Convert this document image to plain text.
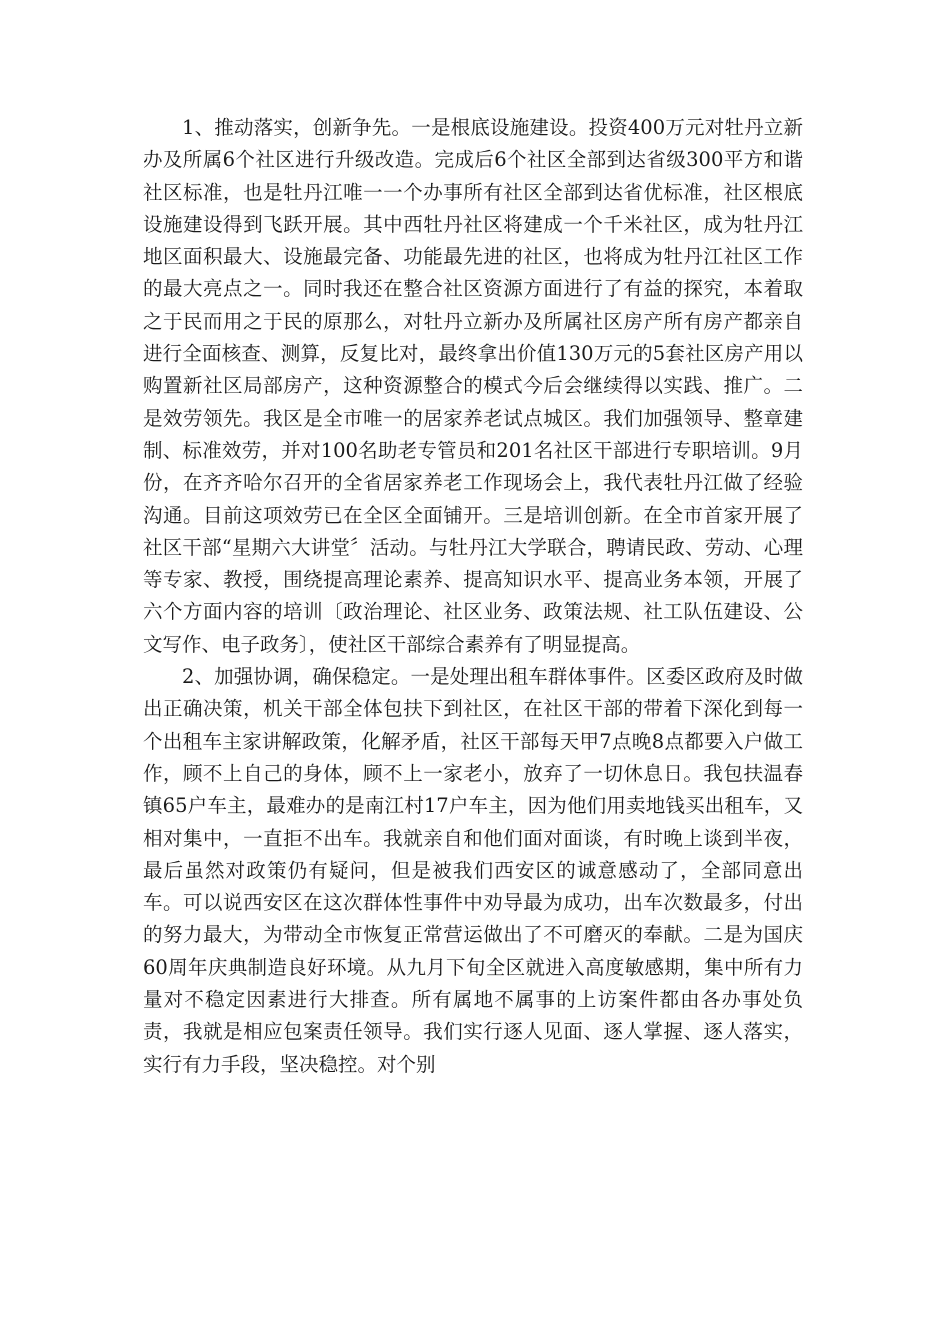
1、推动落实，创新争先。一是根底设施建设。投资400万元对牡丹立新办及所属6个社区进行升级改造。完成后6个社区全部到达省级300平方和谐社区标准，也是牡丹江唯一一个办事所有社区全部到达省优标准，社区根底设施建设得到飞跃开展。其中西牡丹社区将建成一个千米社区，成为牡丹江地区面积最大、设施最完备、功能最先进的社区，也将成为牡丹江社区工作的最大亮点之一。同时我还在整合社区资源方面进行了有益的探究，本着取之于民而用之于民的原那么，对牡丹立新办及所属社区房产所有房产都亲自进行全面核查、测算，反复比对，最终拿出价值130万元的5套社区房产用以购置新社区局部房产，这种资源整合的模式今后会继续得以实践、推广。二是效劳领先。我区是全市唯一的居家养老试点城区。我们加强领导、整章建制、标准效劳，并对100名助老专管员和201名社区干部进行专职培训。9月份，在齐齐哈尔召开的全省居家养老工作现场会上，我代表牡丹江做了经验沟通。目前这项效劳已在全区全面铺开。三是培训创新。在全市首家开展了社区干部“星期六大讲堂〞活动。与牡丹江大学联合，聘请民政、劳动、心理等专家、教授，围绕提高理论素养、提高知识水平、提高业务本领，开展了六个方面内容的培训〔政治理论、社区业务、政策法规、社工队伍建设、公文写作、电子政务〕，使社区干部综合素养有了明显提高。

2、加强协调，确保稳定。一是处理出租车群体事件。区委区政府及时做出正确决策，机关干部全体包扶下到社区，在社区干部的带着下深化到每一个出租车主家讲解政策，化解矛盾，社区干部每天甲7点晚8点都要入户做工作，顾不上自己的身体，顾不上一家老小，放弃了一切休息日。我包扶温春镇65户车主，最难办的是南江村17户车主，因为他们用卖地钱买出租车，又相对集中，一直拒不出车。我就亲自和他们面对面谈，有时晚上谈到半夜，最后虽然对政策仍有疑问，但是被我们西安区的诚意感动了，全部同意出车。可以说西安区在这次群体性事件中劝导最为成功，出车次数最多，付出的努力最大，为带动全市恢复正常营运做出了不可磨灭的奉献。二是为国庆60周年庆典制造良好环境。从九月下旬全区就进入高度敏感期，集中所有力量对不稳定因素进行大排查。所有属地不属事的上访案件都由各办事处负责，我就是相应包案责任领导。我们实行逐人见面、逐人掌握、逐人落实，实行有力手段，坚决稳控。对个别
